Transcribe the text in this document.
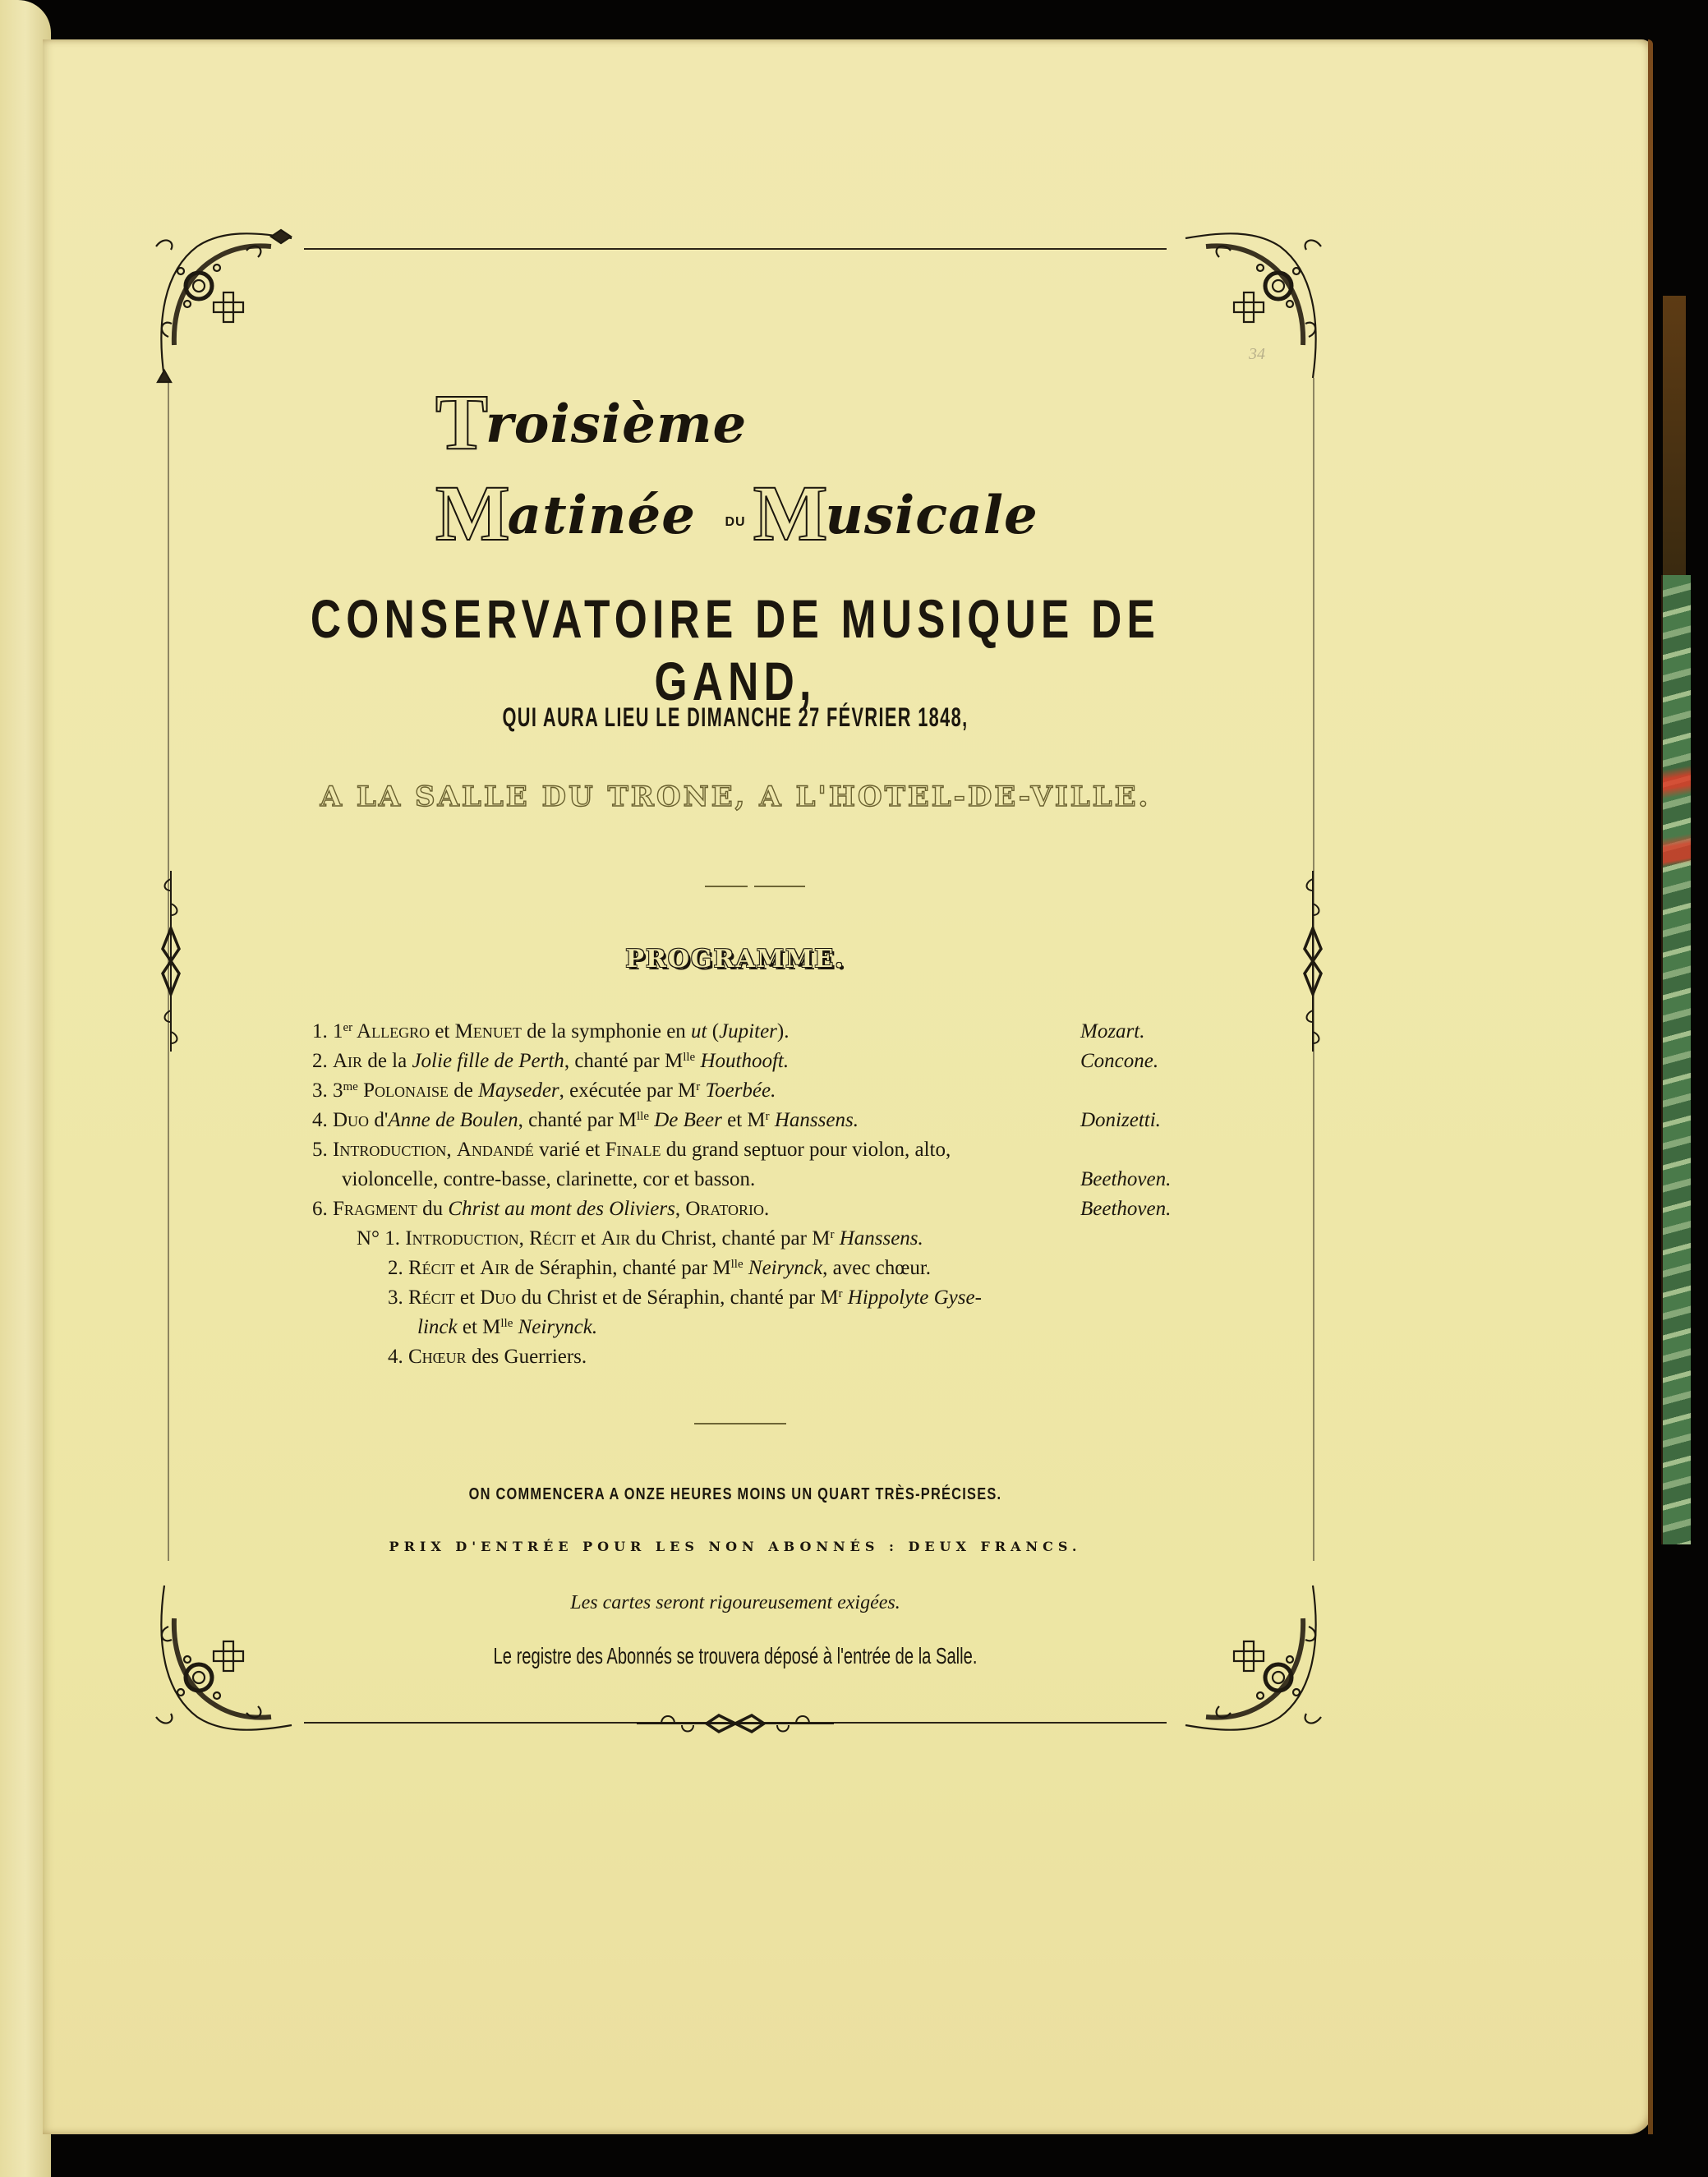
34
Troisième   Matinée Musicale
DU
CONSERVATOIRE DE MUSIQUE DE GAND,
QUI AURA LIEU LE DIMANCHE 27 FÉVRIER 1848,
A LA SALLE DU TRONE, A L'HOTEL-DE-VILLE.
PROGRAMME.
1. 1er Allegro et Menuet de la symphonie en ut (Jupiter).	Mozart.
2. Air de la Jolie fille de Perth, chanté par $M^{lle}$ Houthooft.	Concone.
3. $3^{me}$ Polonaise de Mayseder, exécutée par $M^r$ Toerbée.
4. Duo d'Anne de Boulen, chanté par $M^{lle}$ De Beer et $M^r$ Hanssens.	Donizetti.
5. Introduction, Andandé varié et Finale du grand septuor pour violon, alto,
violoncelle, contre-basse, clarinette, cor et basson.	Beethoven.
6. Fragment du Christ au mont des Oliviers, Oratorio.	Beethoven.
N° 1. Introduction, Récit et Air du Christ, chanté par $M^r$ Hanssens.
2. Récit et Air de Séraphin, chanté par $M^{lle}$ Neirynck, avec chœur.
3. Récit et Duo du Christ et de Séraphin, chanté par $M^r$ Hippolyte Gyse-
linck et $M^{lle}$ Neirynck.
4. Chœur des Guerriers.
ON COMMENCERA A ONZE HEURES MOINS UN QUART TRÈS-PRÉCISES.
PRIX D'ENTRÉE POUR LES NON ABONNÉS : DEUX FRANCS.
Les cartes seront rigoureusement exigées.
Le registre des Abonnés se trouvera déposé à l'entrée de la Salle.
